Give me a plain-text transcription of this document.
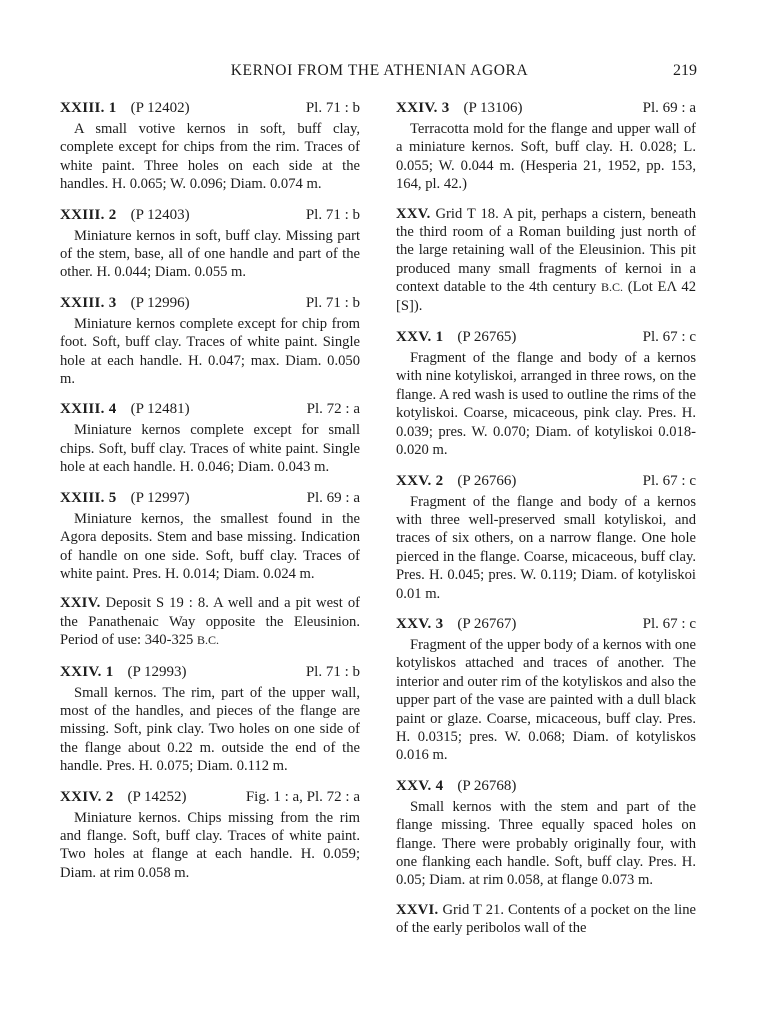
KERNOI FROM THE ATHENIAN AGORA	219
XXIII. 1 (P 12402)	Pl. 71 : b

A small votive kernos in soft, buff clay, complete except for chips from the rim. Traces of white paint. Three holes on each side at the handles. H. 0.065; W. 0.096; Diam. 0.074 m.

XXIII. 2 (P 12403)	Pl. 71 : b

Miniature kernos in soft, buff clay. Missing part of the stem, base, all of one handle and part of the other. H. 0.044; Diam. 0.055 m.

XXIII. 3 (P 12996)	Pl. 71 : b

Miniature kernos complete except for chip from foot. Soft, buff clay. Traces of white paint. Single hole at each handle. H. 0.047; max. Diam. 0.050 m.

XXIII. 4 (P 12481)	Pl. 72 : a

Miniature kernos complete except for small chips. Soft, buff clay. Traces of white paint. Single hole at each handle. H. 0.046; Diam. 0.043 m.

XXIII. 5 (P 12997)	Pl. 69 : a

Miniature kernos, the smallest found in the Agora deposits. Stem and base missing. Indication of handle on one side. Soft, buff clay. Traces of white paint. Pres. H. 0.014; Diam. 0.024 m.

XXIV. Deposit S 19 : 8. A well and a pit west of the Panathenaic Way opposite the Eleusinion. Period of use: 340-325 B.C.

XXIV. 1 (P 12993)	Pl. 71 : b

Small kernos. The rim, part of the upper wall, most of the handles, and pieces of the flange are missing. Soft, pink clay. Two holes on one side of the flange about 0.22 m. outside the end of the handle. Pres. H. 0.075; Diam. 0.112 m.

XXIV. 2 (P 14252)	Fig. 1 : a, Pl. 72 : a

Miniature kernos. Chips missing from the rim and flange. Soft, buff clay. Traces of white paint. Two holes at flange at each handle. H. 0.059; Diam. at rim 0.058 m.

XXIV. 3 (P 13106)	Pl. 69 : a

Terracotta mold for the flange and upper wall of a miniature kernos. Soft, buff clay. H. 0.028; L. 0.055; W. 0.044 m. (Hesperia 21, 1952, pp. 153, 164, pl. 42.)

XXV. Grid T 18. A pit, perhaps a cistern, beneath the third room of a Roman building just north of the large retaining wall of the Eleusinion. This pit produced many small fragments of kernoi in a context datable to the 4th century B.C. (Lot ΕΛ 42 [S]).

XXV. 1 (P 26765)	Pl. 67 : c

Fragment of the flange and body of a kernos with nine kotyliskoi, arranged in three rows, on the flange. A red wash is used to outline the rims of the kotyliskoi. Coarse, micaceous, pink clay. Pres. H. 0.039; pres. W. 0.070; Diam. of kotyliskoi 0.018-0.020 m.

XXV. 2 (P 26766)	Pl. 67 : c

Fragment of the flange and body of a kernos with three well-preserved small kotyliskoi, and traces of six others, on a narrow flange. One hole pierced in the flange. Coarse, micaceous, buff clay. Pres. H. 0.045; pres. W. 0.119; Diam. of kotyliskoi 0.01 m.

XXV. 3 (P 26767)	Pl. 67 : c

Fragment of the upper body of a kernos with one kotyliskos attached and traces of another. The interior and outer rim of the kotyliskos and also the upper part of the vase are painted with a dull black paint or glaze. Coarse, micaceous, buff clay. Pres. H. 0.0315; pres. W. 0.068; Diam. of kotyliskos 0.016 m.

XXV. 4 (P 26768)

Small kernos with the stem and part of the flange missing. Three equally spaced holes on flange. There were probably originally four, with one flanking each handle. Soft, buff clay. Pres. H. 0.05; Diam. at rim 0.058, at flange 0.073 m.

XXVI. Grid T 21. Contents of a pocket on the line of the early peribolos wall of the
